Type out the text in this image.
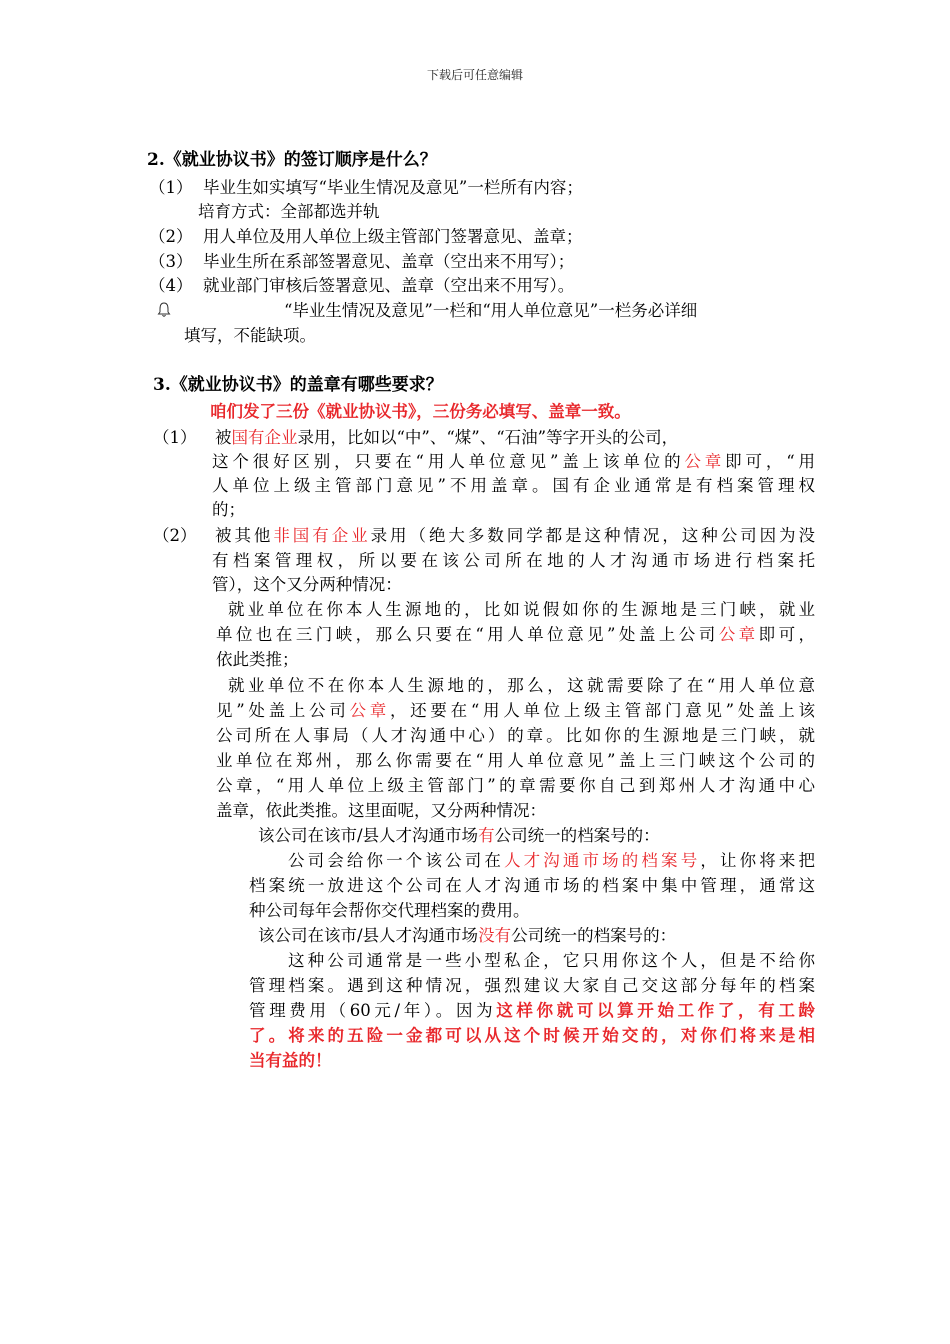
下载后可任意编辑
2.《就业协议书》的签订顺序是什么？
（1） 毕业生如实填写“毕业生情况及意见”一栏所有内容；
培育方式：全部都选并轨
（2） 用人单位及用人单位上级主管部门签署意见、盖章；
（3） 毕业生所在系部签署意见、盖章（空出来不用写）；
（4） 就业部门审核后签署意见、盖章（空出来不用写）。
“毕业生情况及意见”一栏和“用人单位意见”一栏务必详细
填写，不能缺项。
3.《就业协议书》的盖章有哪些要求？
咱们发了三份《就业协议书》，三份务必填写、盖章一致。
（1） 被国有企业录用，比如以“中”、“煤”、“石油”等字开头的公司，
这个很好区别，只要在“用人单位意见”盖上该单位的公章即可，“用
人单位上级主管部门意见”不用盖章。国有企业通常是有档案管理权
的；
（2） 被其他非国有企业录用（绝大多数同学都是这种情况，这种公司因为没
有档案管理权，所以要在该公司所在地的人才沟通市场进行档案托
管），这个又分两种情况：
就业单位在你本人生源地的，比如说假如你的生源地是三门峡，就业
单位也在三门峡，那么只要在“用人单位意见”处盖上公司公章即可，
依此类推；
就业单位不在你本人生源地的，那么，这就需要除了在“用人单位意
见”处盖上公司公章，还要在“用人单位上级主管部门意见”处盖上该
公司所在人事局（人才沟通中心）的章。比如你的生源地是三门峡，就
业单位在郑州，那么你需要在“用人单位意见”盖上三门峡这个公司的
公章，“用人单位上级主管部门”的章需要你自己到郑州人才沟通中心
盖章，依此类推。这里面呢，又分两种情况：
该公司在该市/县人才沟通市场有公司统一的档案号的：
公司会给你一个该公司在人才沟通市场的档案号，让你将来把
档案统一放进这个公司在人才沟通市场的档案中集中管理，通常这
种公司每年会帮你交代理档案的费用。
该公司在该市/县人才沟通市场没有公司统一的档案号的：
这种公司通常是一些小型私企，它只用你这个人，但是不给你
管理档案。遇到这种情况，强烈建议大家自己交这部分每年的档案
管理费用（60元/年）。因为这样你就可以算开始工作了，有工龄
了。将来的五险一金都可以从这个时候开始交的，对你们将来是相
当有益的！
